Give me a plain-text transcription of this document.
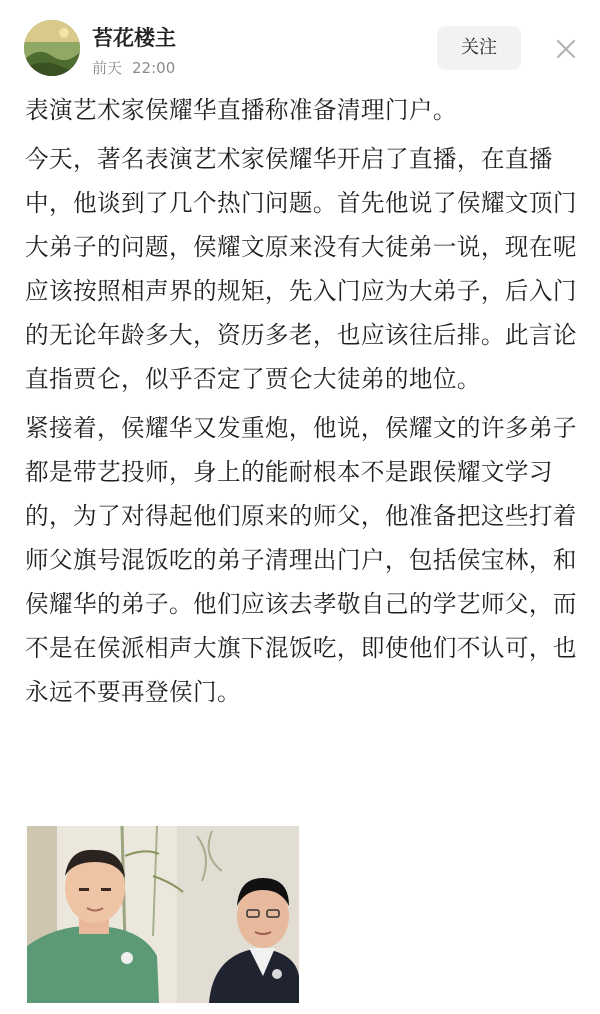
苔花楼主
前天 22:00
关注

表演艺术家侯耀华直播称准备清理门户。

今天，著名表演艺术家侯耀华开启了直播，在直播中，他谈到了几个热门问题。首先他说了侯耀文顶门大弟子的问题，侯耀文原来没有大徒弟一说，现在呢应该按照相声界的规矩，先入门应为大弟子，后入门的无论年龄多大，资历多老，也应该往后排。此言论直指贾仑，似乎否定了贾仑大徒弟的地位。

紧接着，侯耀华又发重炮，他说，侯耀文的许多弟子都是带艺投师，身上的能耐根本不是跟侯耀文学习的，为了对得起他们原来的师父，他准备把这些打着师父旗号混饭吃的弟子清理出门户，包括侯宝林，和侯耀华的弟子。他们应该去孝敬自己的学艺师父，而不是在侯派相声大旗下混饭吃，即使他们不认可，也永远不要再登侯门。
